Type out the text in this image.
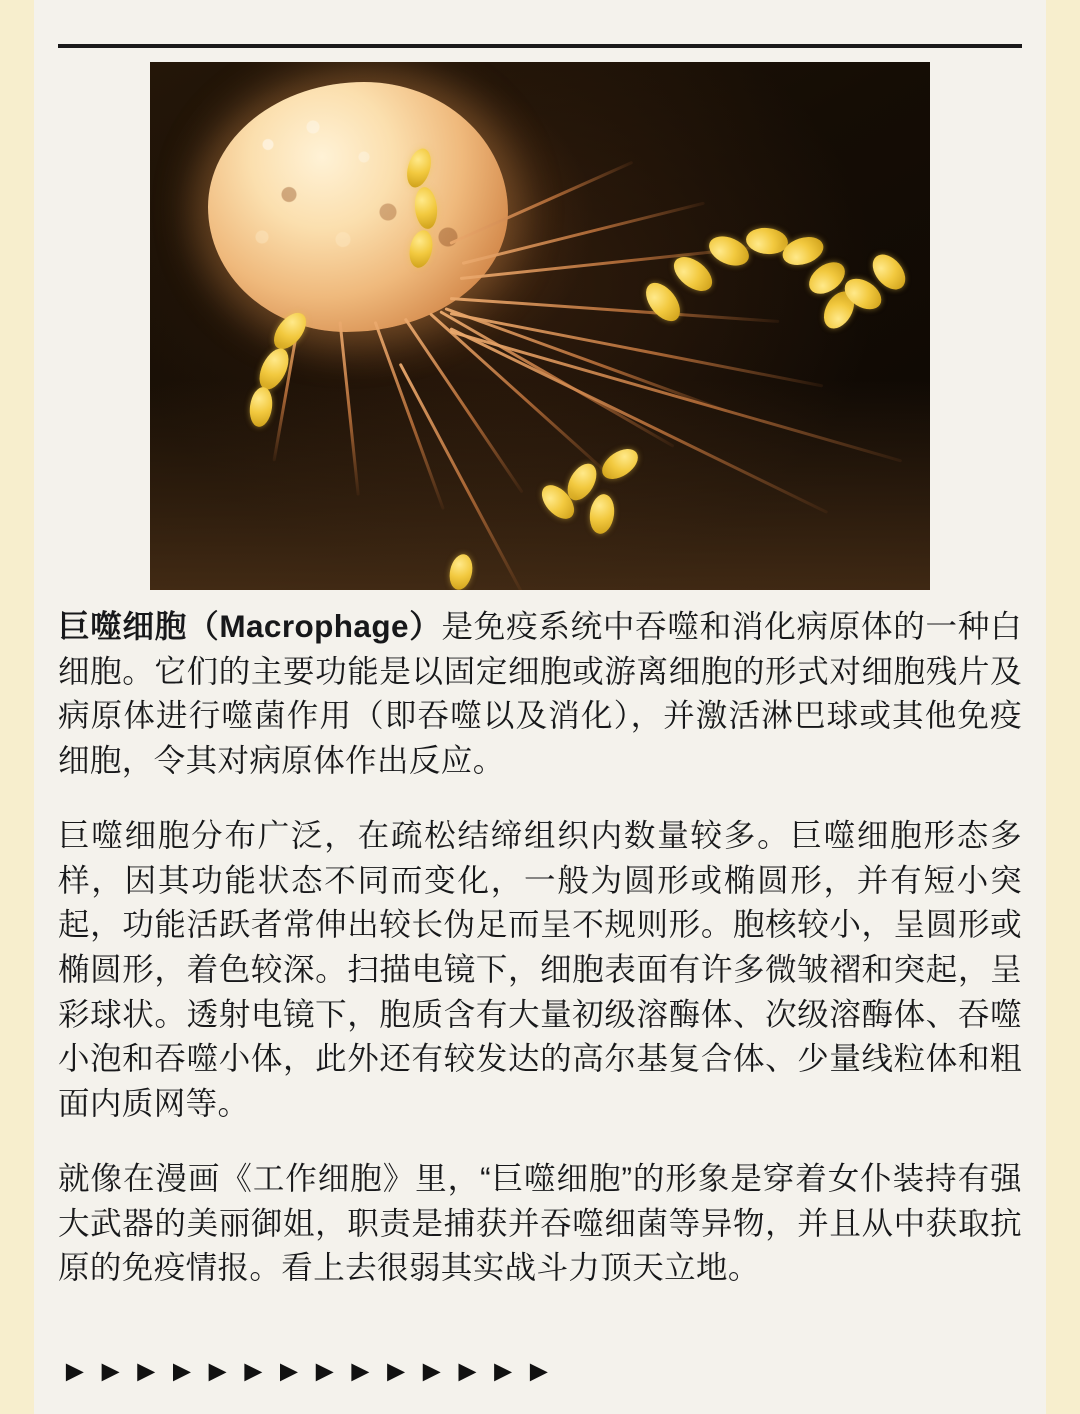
巨噬细胞（Macrophage）是免疫系统中吞噬和消化病原体的一种白细胞。它们的主要功能是以固定细胞或游离细胞的形式对细胞残片及病原体进行噬菌作用（即吞噬以及消化），并激活淋巴球或其他免疫细胞，令其对病原体作出反应。

巨噬细胞分布广泛，在疏松结缔组织内数量较多。巨噬细胞形态多样，因其功能状态不同而变化，一般为圆形或椭圆形，并有短小突起，功能活跃者常伸出较长伪足而呈不规则形。胞核较小，呈圆形或椭圆形，着色较深。扫描电镜下，细胞表面有许多微皱褶和突起，呈彩球状。透射电镜下，胞质含有大量初级溶酶体、次级溶酶体、吞噬小泡和吞噬小体，此外还有较发达的高尔基复合体、少量线粒体和粗面内质网等。

就像在漫画《工作细胞》里，“巨噬细胞”的形象是穿着女仆装持有强大武器的美丽御姐，职责是捕获并吞噬细菌等异物，并且从中获取抗原的免疫情报。看上去很弱其实战斗力顶天立地。

►►►►►►►►►►►►►►
